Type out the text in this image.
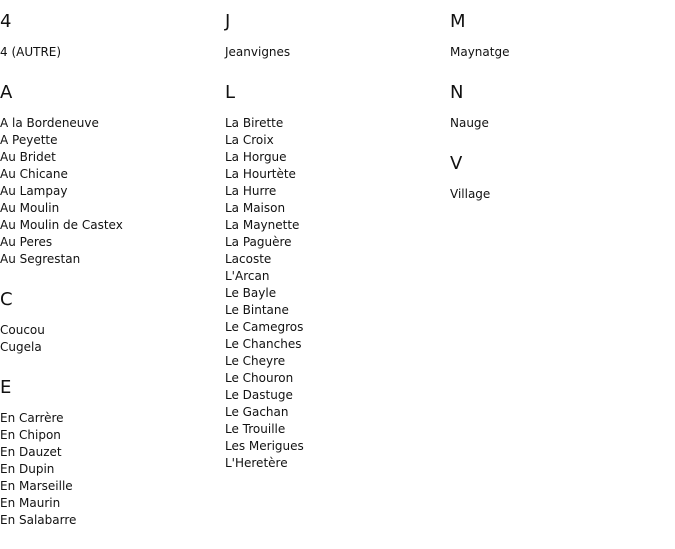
4
4 (AUTRE)
A
A la Bordeneuve
A Peyette
Au Bridet
Au Chicane
Au Lampay
Au Moulin
Au Moulin de Castex
Au Peres
Au Segrestan
C
Coucou
Cugela
E
En Carrère
En Chipon
En Dauzet
En Dupin
En Marseille
En Maurin
En Salabarre
J
Jeanvignes
L
La Birette
La Croix
La Horgue
La Hourtète
La Hurre
La Maison
La Maynette
La Paguère
Lacoste
L'Arcan
Le Bayle
Le Bintane
Le Camegros
Le Chanches
Le Cheyre
Le Chouron
Le Dastuge
Le Gachan
Le Trouille
Les Merigues
L'Heretère
M
Maynatge
N
Nauge
V
Village
